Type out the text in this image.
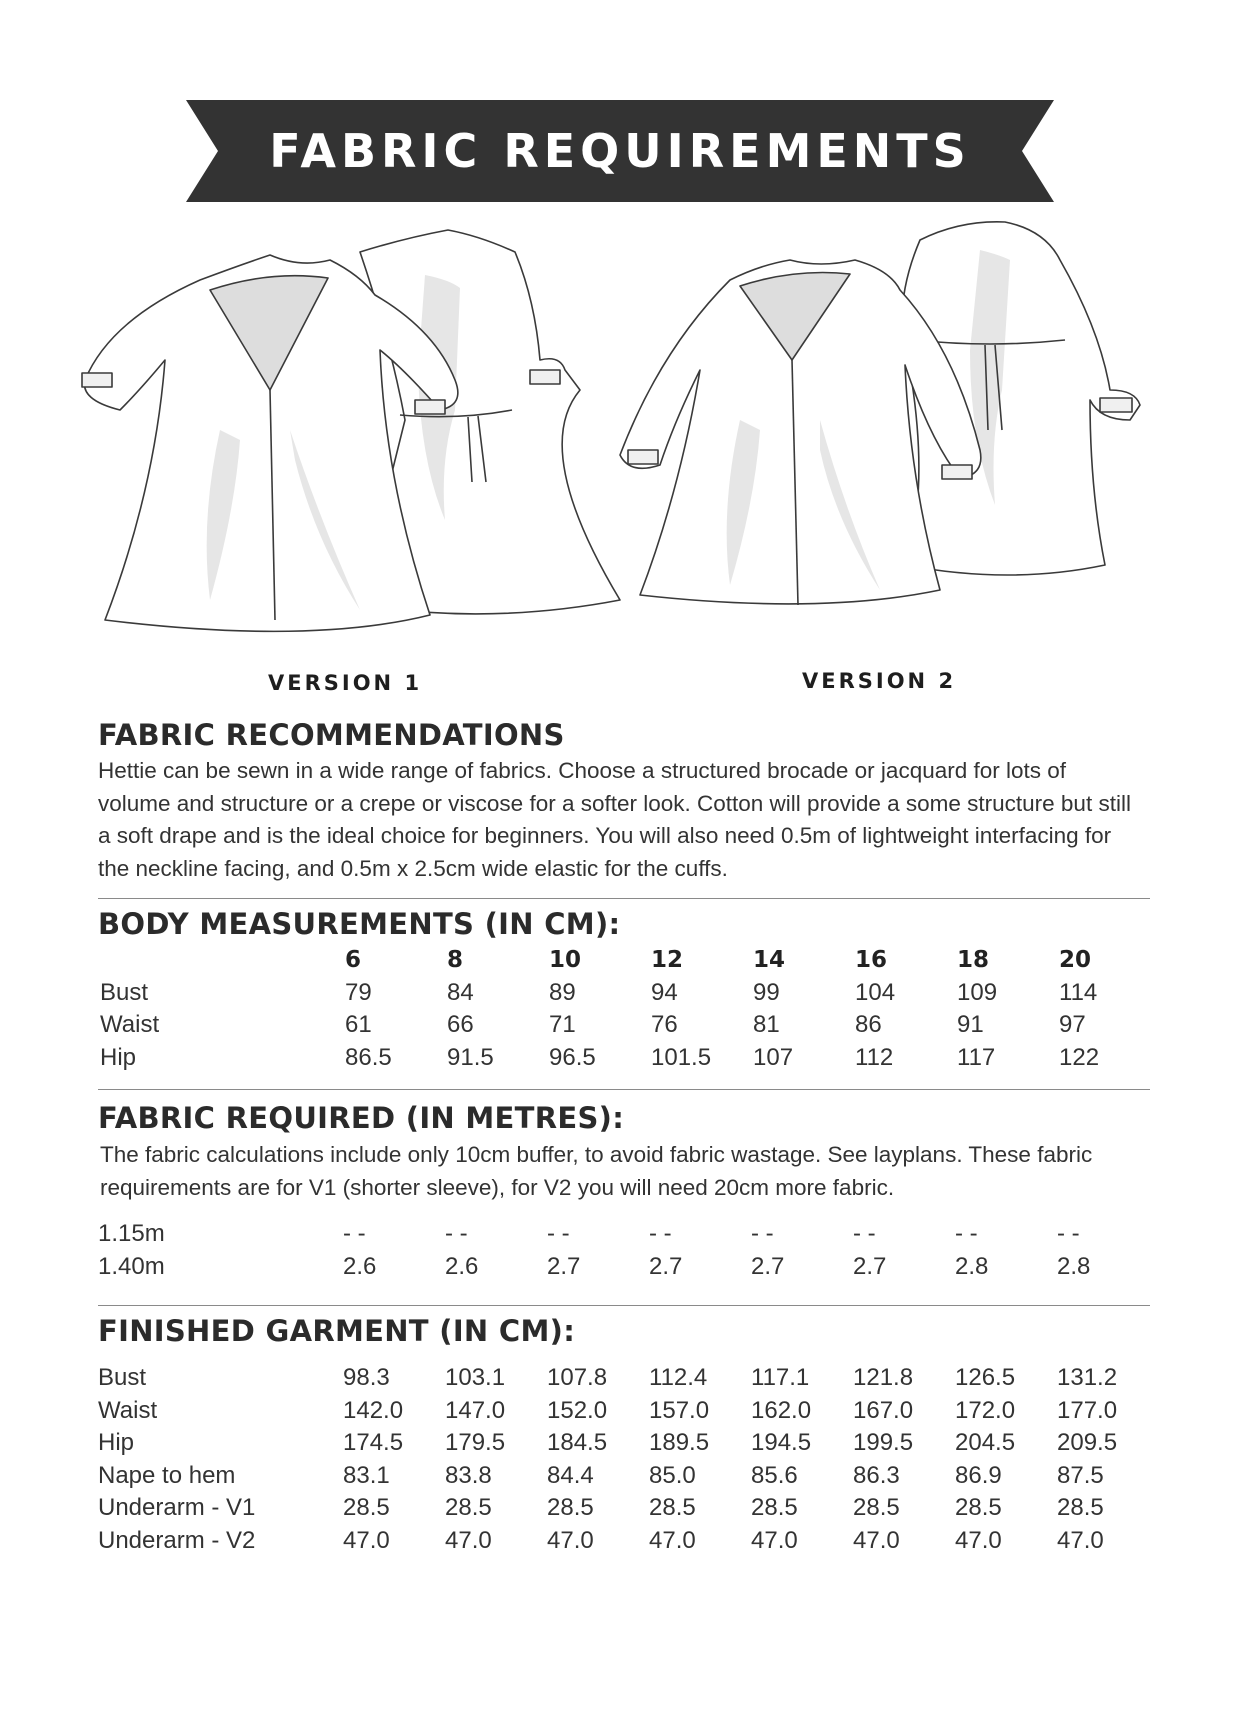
FABRIC REQUIREMENTS
VERSION 1	VERSION 2
FABRIC RECOMMENDATIONS
Hettie can be sewn in a wide range of fabrics. Choose a structured brocade or jacquard for lots of
volume and structure or a crepe or viscose for a softer look. Cotton will provide a some structure but still
a soft drape and is the ideal choice for beginners. You will also need 0.5m of lightweight interfacing for
the neckline facing, and 0.5m x 2.5cm wide elastic for the cuffs.
BODY MEASUREMENTS (IN CM):
	6	8	10	12	14	16	18	20
Bust	79	84	89	94	99	104	109	114
Waist	61	66	71	76	81	86	91	97
Hip	86.5	91.5	96.5	101.5	107	112	117	122
FABRIC REQUIRED (IN METRES):
The fabric calculations include only 10cm buffer, to avoid fabric wastage. See layplans. These fabric
requirements are for V1 (shorter sleeve), for V2 you will need 20cm more fabric.
1.15m	- -	- -	- -	- -	- -	- -	- -	- -
1.40m	2.6	2.6	2.7	2.7	2.7	2.7	2.8	2.8
FINISHED GARMENT (IN CM):
Bust	98.3	103.1	107.8	112.4	117.1	121.8	126.5	131.2
Waist	142.0	147.0	152.0	157.0	162.0	167.0	172.0	177.0
Hip	174.5	179.5	184.5	189.5	194.5	199.5	204.5	209.5
Nape to hem	83.1	83.8	84.4	85.0	85.6	86.3	86.9	87.5
Underarm - V1	28.5	28.5	28.5	28.5	28.5	28.5	28.5	28.5
Underarm - V2	47.0	47.0	47.0	47.0	47.0	47.0	47.0	47.0
